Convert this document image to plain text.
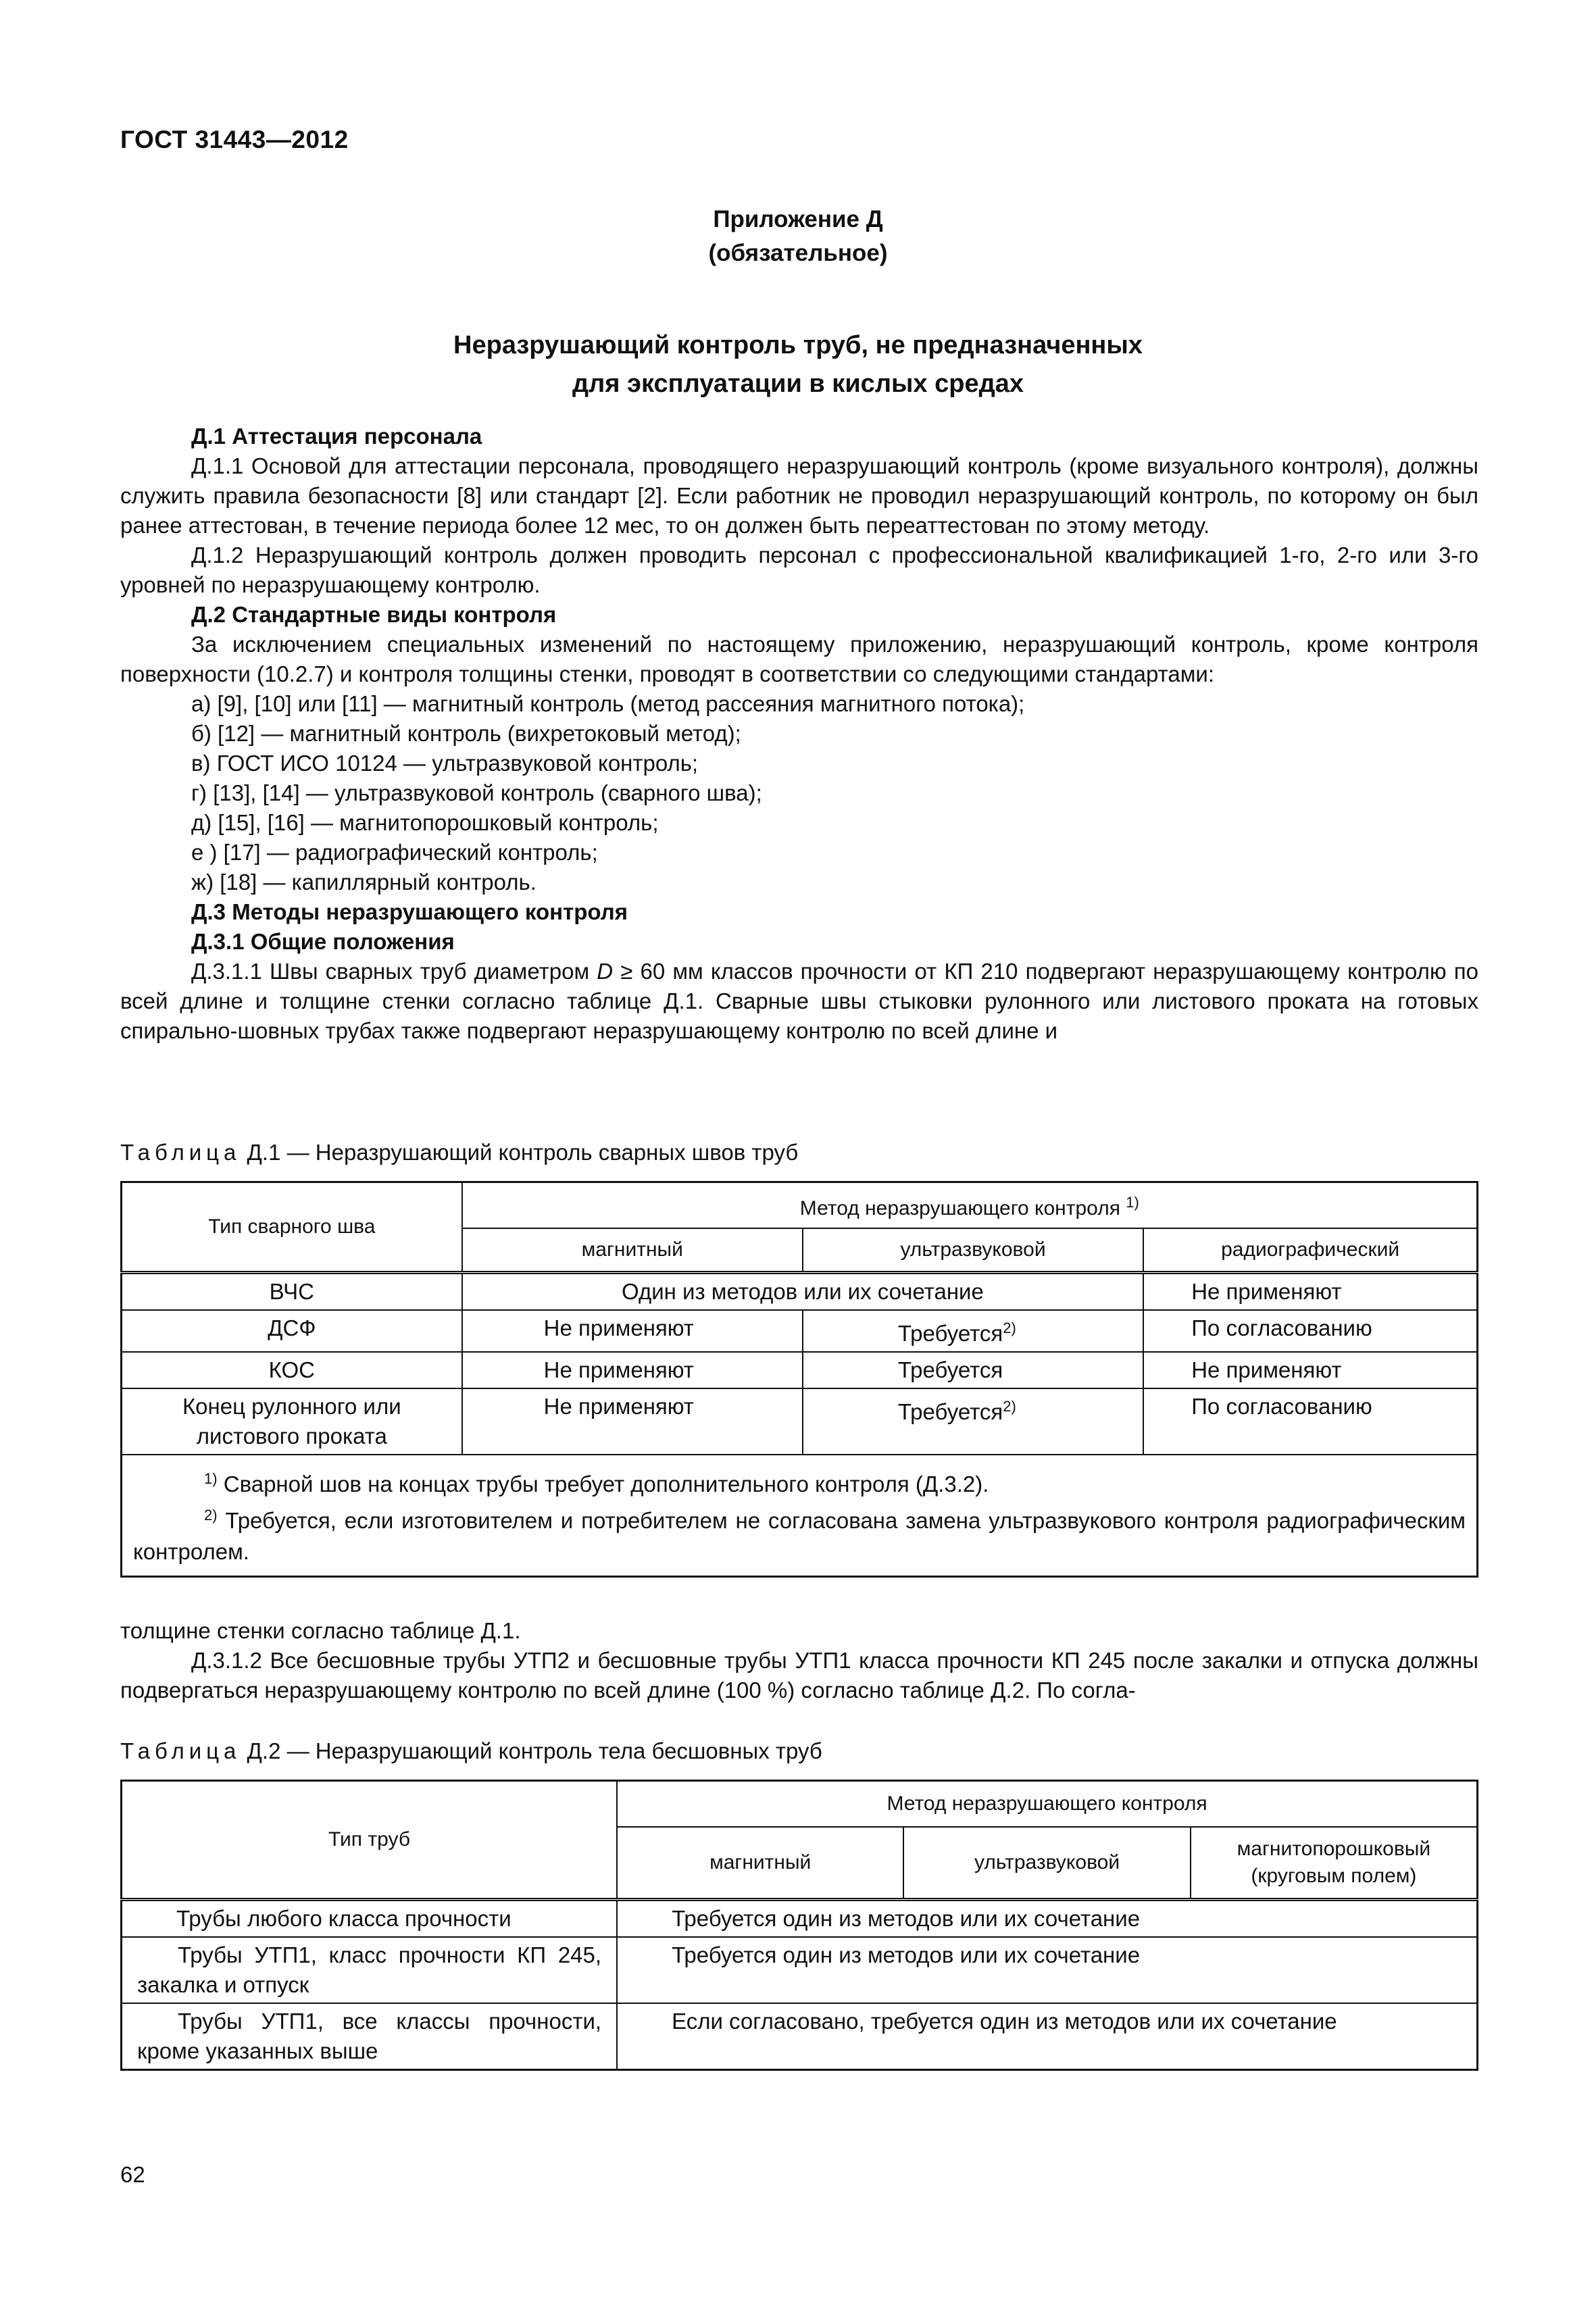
ГОСТ 31443—2012
Приложение Д
(обязательное)
Неразрушающий контроль труб, не предназначенных
для эксплуатации в кислых средах

Д.1 Аттестация персонала

Д.1.1 Основой для аттестации персонала, проводящего неразрушающий контроль (кроме визуального контроля), должны служить правила безопасности [8] или стандарт [2]. Если работник не проводил неразрушающий контроль, по которому он был ранее аттестован, в течение периода более 12 мес, то он должен быть переаттестован по этому методу.

Д.1.2 Неразрушающий контроль должен проводить персонал с профессиональной квалификацией 1-го, 2-го или 3-го уровней по неразрушающему контролю.

Д.2 Стандартные виды контроля

За исключением специальных изменений по настоящему приложению, неразрушающий контроль, кроме контроля поверхности (10.2.7) и контроля толщины стенки, проводят в соответствии со следующими стандартами:

а) [9], [10] или [11] — магнитный контроль (метод рассеяния магнитного потока);

б) [12] — магнитный контроль (вихретоковый метод);

в) ГОСТ ИСО 10124 — ультразвуковой контроль;

г) [13], [14] — ультразвуковой контроль (сварного шва);

д) [15], [16] — магнитопорошковый контроль;

е ) [17] — радиографический контроль;

ж) [18] — капиллярный контроль.

Д.3 Методы неразрушающего контроля

Д.3.1 Общие положения

Д.3.1.1 Швы сварных труб диаметром D ≥ 60 мм классов прочности от КП 210 подвергают неразрушающему контролю по всей длине и толщине стенки согласно таблице Д.1. Сварные швы стыковки рулонного или листового проката на готовых спирально-шовных трубах также подвергают неразрушающему контролю по всей длине и

Таблица Д.1 — Неразрушающий контроль сварных швов труб
Тип сварного шва	Метод неразрушающего контроля $^{1)}$
	магнитный	ультразвуковой	радиографический
ВЧС	Один из методов или их сочетание		Не применяют
ДСФ	Не применяют	Требуется$^{2)}$	По согласованию
КОС	Не применяют	Требуется	Не применяют
Конец рулонного или листового проката	Не применяют	Требуется$^{2)}$	По согласованию

$^{1)}$ Сварной шов на концах трубы требует дополнительного контроля (Д.3.2).
$^{2)}$ Требуется, если изготовителем и потребителем не согласована замена ультразвукового контроля радиографическим контролем.			

толщине стенки согласно таблице Д.1.

Д.3.1.2 Все бесшовные трубы УТП2 и бесшовные трубы УТП1 класса прочности КП 245 после закалки и отпуска должны подвергаться неразрушающему контролю по всей длине (100 %) согласно таблице Д.2. По согла-

Таблица Д.2 — Неразрушающий контроль тела бесшовных труб
Тип труб	Метод неразрушающего контроля		
	магнитный	ультразвуковой	магнитопорошковый (круговым полем)
Трубы любого класса прочности	Требуется один из методов или их сочетание		
Трубы УТП1, класс прочности КП 245, закалка и отпуск	Требуется один из методов или их сочетание		
Трубы УТП1, все классы прочности, кроме указанных выше	Если согласовано, требуется один из методов или их сочетание		
62
